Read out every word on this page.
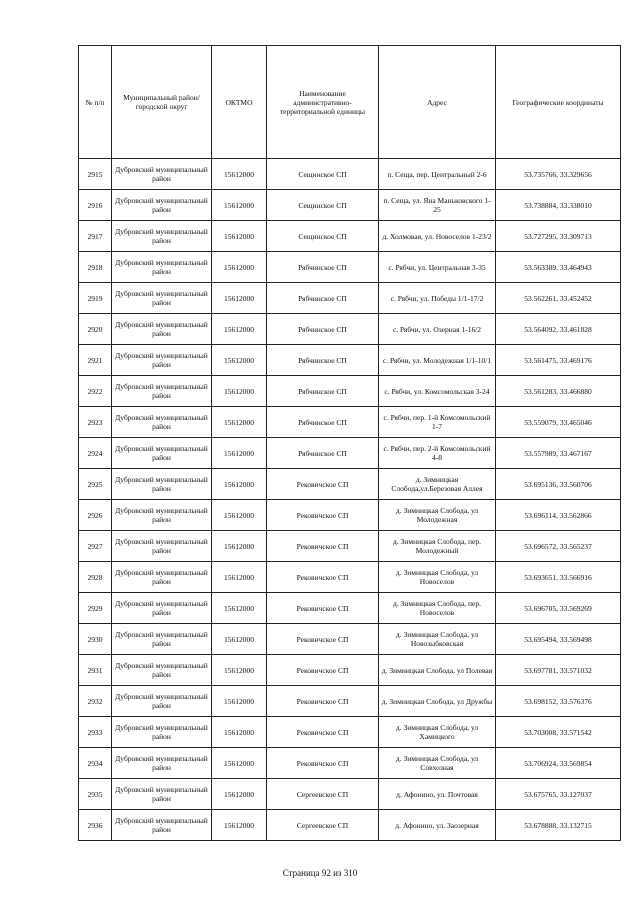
№ п/п	Муниципальный район/городской округ	ОКТМО	Наименование административно-территориальной единицы	Адрес	Географические координаты
2915	Дубровский муниципальный район	15612000	Сещинское СП	п. Сеща, пер. Центральный 2-6	53.735766, 33.329656
2916	Дубровский муниципальный район	15612000	Сещинское СП	п. Сеща, ул. Яна Маньковского 1-25	53.738884, 33.338010
2917	Дубровский муниципальный район	15612000	Сещинское СП	д. Холмовая, ул. Новоселов 1-23/2	53.727295, 33.309713
2918	Дубровский муниципальный район	15612000	Рябчинское СП	с. Рябчи, ул. Центральная 3-35	53.563389, 33.464943
2919	Дубровский муниципальный район	15612000	Рябчинское СП	с. Рябчи, ул. Победы 1/1-17/2	53.562261, 33.452452
2920	Дубровский муниципальный район	15612000	Рябчинское СП	с. Рябчи, ул. Озерная 1-16/2	53.564092, 33.461828
2921	Дубровский муниципальный район	15612000	Рябчинское СП	с. Рябчи, ул. Молодежная 1/1-10/1	53.561475, 33.469176
2922	Дубровский муниципальный район	15612000	Рябчинское СП	с. Рябчи, ул. Комсомольская 3-24	53.561283, 33.466880
2923	Дубровский муниципальный район	15612000	Рябчинское СП	с. Рябчи, пер. 1-й Комсомольский 1-7	53.559079, 33.465046
2924	Дубровский муниципальный район	15612000	Рябчинское СП	с. Рябчи, пер. 2-й Комсомольский 4-8	53.557989, 33.467167
2925	Дубровский муниципальный район	15612000	Рековичское СП	д. Зимницкая Слобода,ул.Березовая Аллея	53.695136, 33.560706
2926	Дубровский муниципальный район	15612000	Рековичское СП	д. Зимницкая Слобода, ул Молодежная	53.696114, 33.562866
2927	Дубровский муниципальный район	15612000	Рековичское СП	д. Зимницкая Слобода, пер. Молодежный	53.696572, 33.565237
2928	Дубровский муниципальный район	15612000	Рековичское СП	д. Зимницкая Слобода, ул Новоселов	53.693651, 33.566916
2929	Дубровский муниципальный район	15612000	Рековичское СП	д. Зимницкая Слобода, пер. Новоселов	53.696705, 33.569269
2930	Дубровский муниципальный район	15612000	Рековичское СП	д. Зимницкая Слобода, ул Новозыбковская	53.695494, 33.569498
2931	Дубровский муниципальный район	15612000	Рековичское СП	д. Зимницкая Слобода, ул Полевая	53.697781, 33.571032
2932	Дубровский муниципальный район	15612000	Рековичское СП	д. Зимницкая Слобода, ул Дружбы	53.698152, 33.576376
2933	Дубровский муниципальный район	15612000	Рековичское СП	д. Зимницкая Слобода, ул Хамицкого	53.703008, 33.571542
2934	Дубровский муниципальный район	15612000	Рековичское СП	д. Зимницкая Слобода, ул Совхозная	53.706924, 33.569854
2935	Дубровский муниципальный район	15612000	Сергеевское СП	д. Афонино, ул. Почтовая	53.675765, 33.127037
2936	Дубровский муниципальный район	15612000	Сергеевское СП	д. Афонино, ул. Заозерная	53.678888, 33.132715
Страница 92 из 310
